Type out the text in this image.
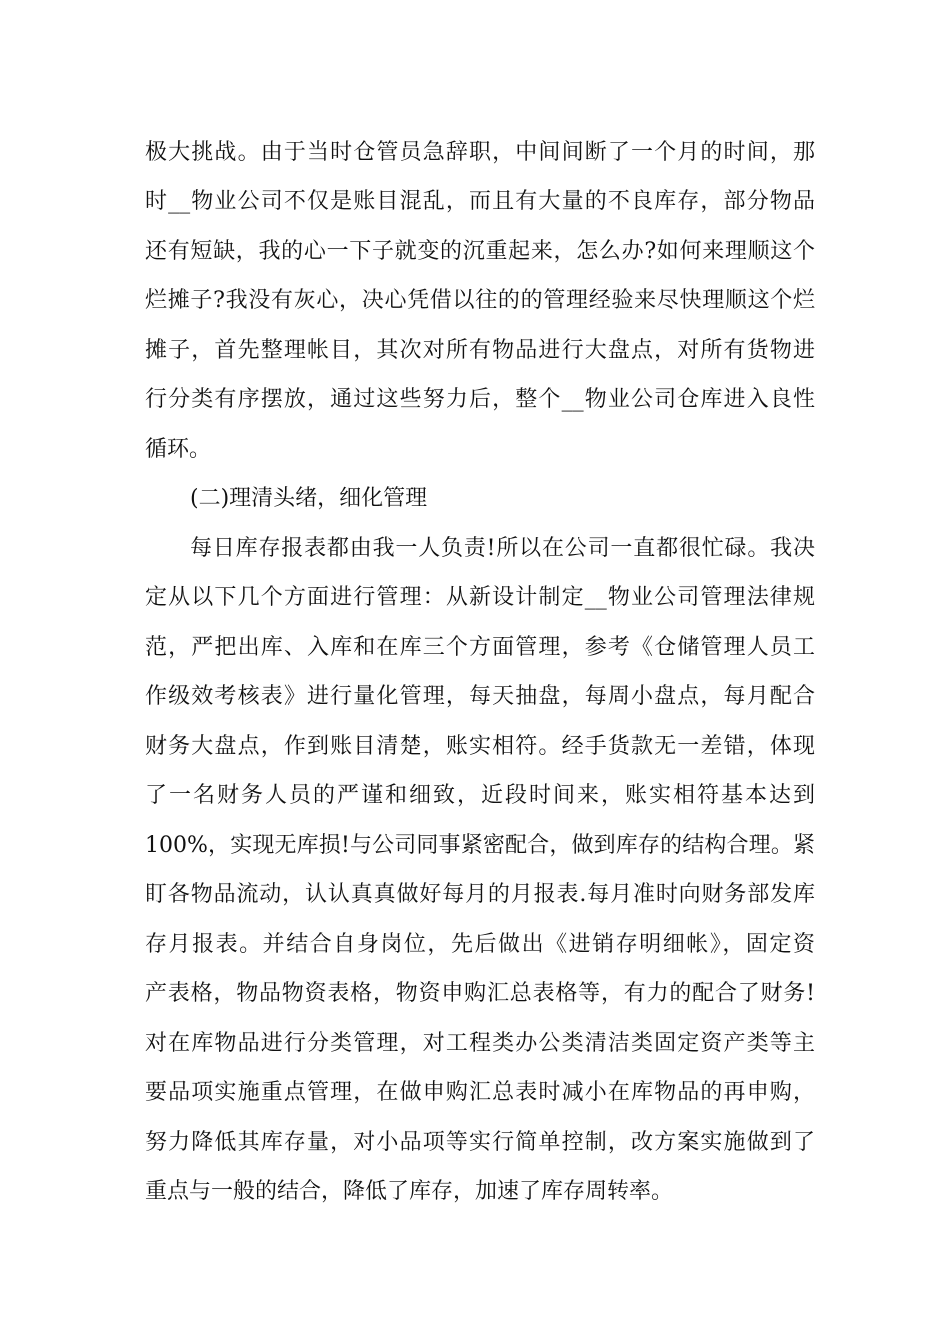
极大挑战。由于当时仓管员急辞职，中间间断了一个月的时间，那
时__物业公司不仅是账目混乱，而且有大量的不良库存，部分物品
还有短缺，我的心一下子就变的沉重起来，怎么办?如何来理顺这个
烂摊子?我没有灰心，决心凭借以往的的管理经验来尽快理顺这个烂
摊子，首先整理帐目，其次对所有物品进行大盘点，对所有货物进
行分类有序摆放，通过这些努力后，整个__物业公司仓库进入良性
循环。
(二)理清头绪，细化管理
每日库存报表都由我一人负责!所以在公司一直都很忙碌。我决
定从以下几个方面进行管理：从新设计制定__物业公司管理法律规
范，严把出库、入库和在库三个方面管理，参考《仓储管理人员工
作级效考核表》进行量化管理，每天抽盘，每周小盘点，每月配合
财务大盘点，作到账目清楚，账实相符。经手货款无一差错，体现
了一名财务人员的严谨和细致，近段时间来，账实相符基本达到
100%，实现无库损!与公司同事紧密配合，做到库存的结构合理。紧
盯各物品流动，认认真真做好每月的月报表.每月准时向财务部发库
存月报表。并结合自身岗位，先后做出《进销存明细帐》，固定资
产表格，物品物资表格，物资申购汇总表格等，有力的配合了财务!
对在库物品进行分类管理，对工程类办公类清洁类固定资产类等主
要品项实施重点管理，在做申购汇总表时减小在库物品的再申购，
努力降低其库存量，对小品项等实行简单控制，改方案实施做到了
重点与一般的结合，降低了库存，加速了库存周转率。
